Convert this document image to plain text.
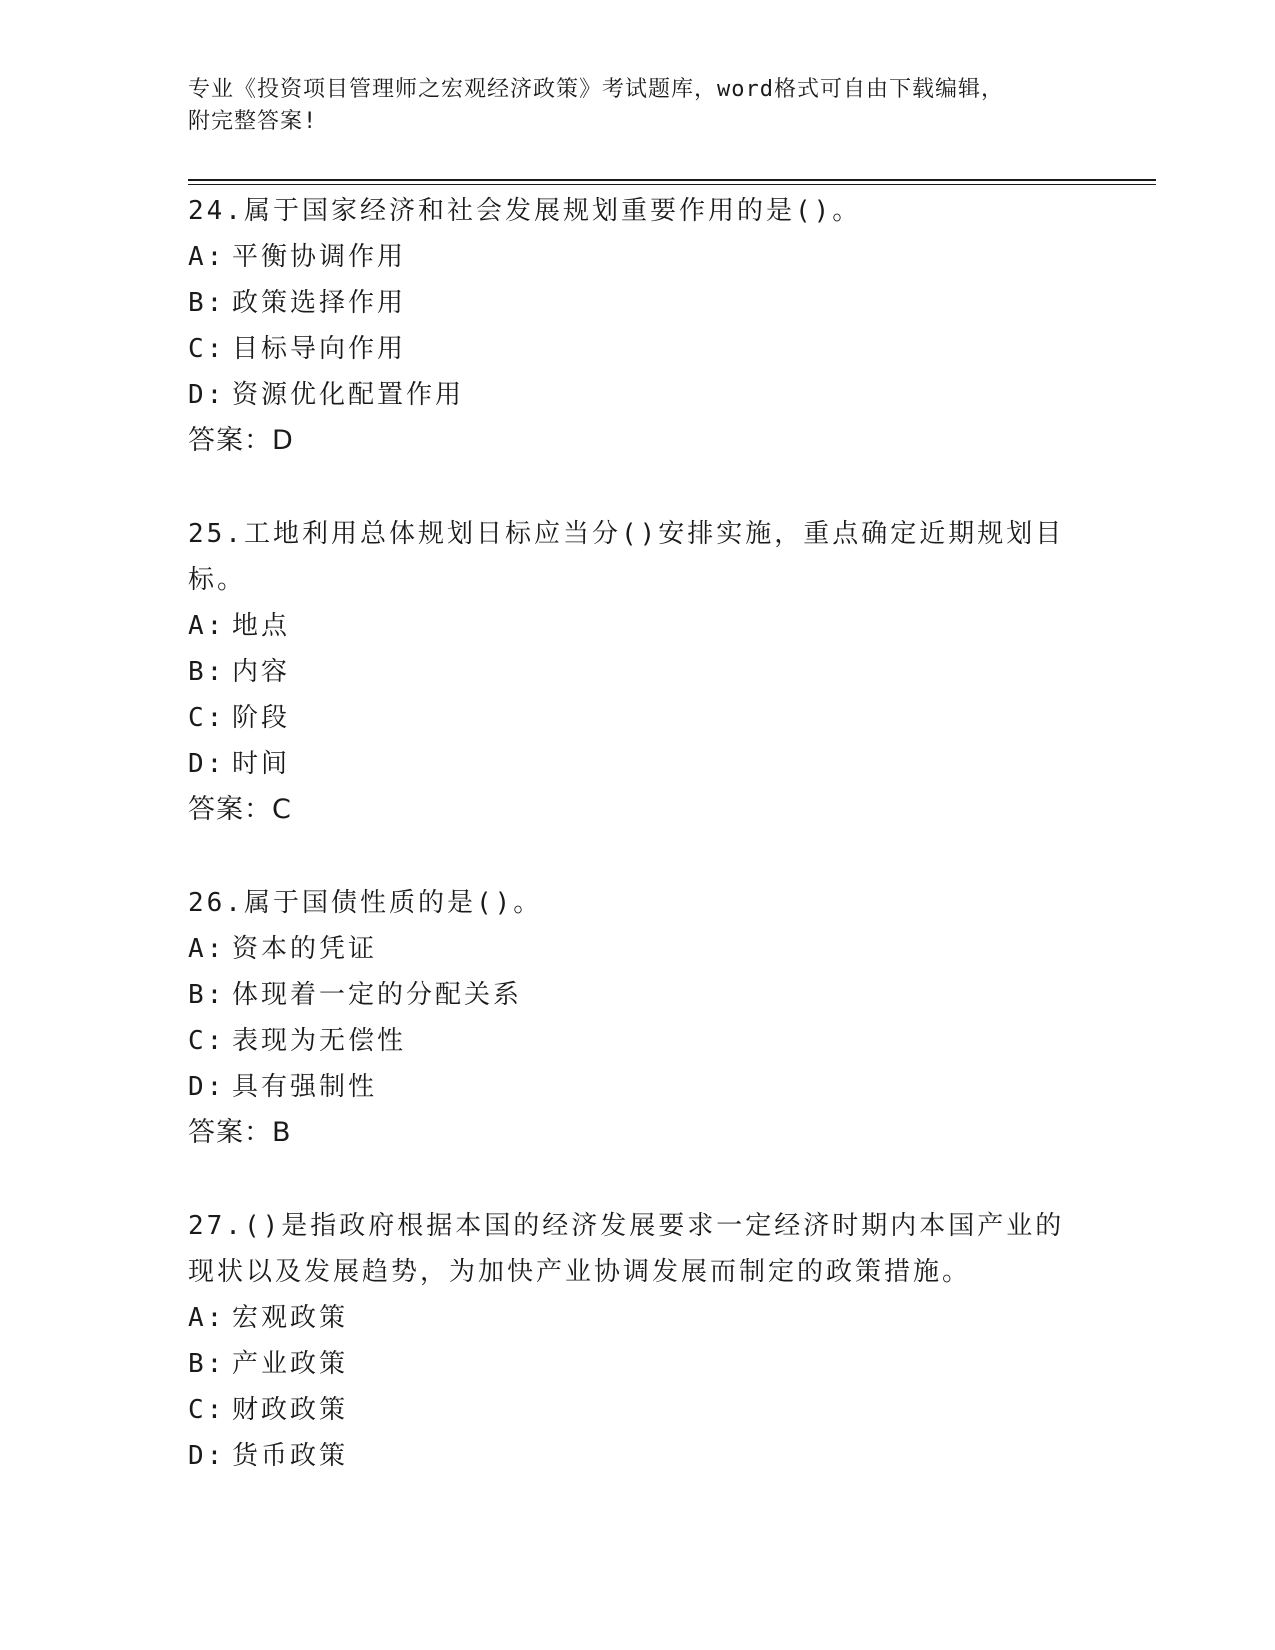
专业《投资项目管理师之宏观经济政策》考试题库，word格式可自由下载编辑，
附完整答案!
24.属于国家经济和社会发展规划重要作用的是()。
A: 平衡协调作用
B: 政策选择作用
C: 目标导向作用
D: 资源优化配置作用
答案：D
25.工地利用总体规划日标应当分()安排实施，重点确定近期规划目标。
A: 地点
B: 内容
C: 阶段
D: 时间
答案：C
26.属于国债性质的是()。
A: 资本的凭证
B: 体现着一定的分配关系
C: 表现为无偿性
D: 具有强制性
答案：B
27.()是指政府根据本国的经济发展要求一定经济时期内本国产业的现状以及发展趋势，为加快产业协调发展而制定的政策措施。
A: 宏观政策
B: 产业政策
C: 财政政策
D: 货币政策
